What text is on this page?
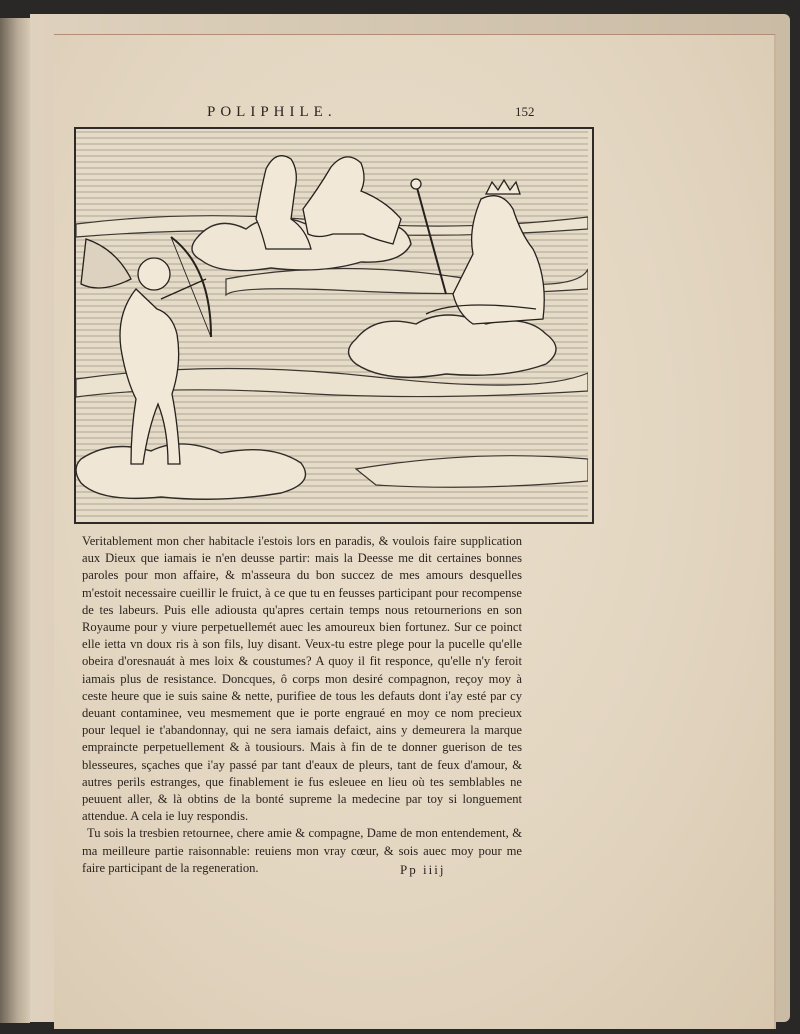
POLIPHILE.	152

Veritablement mon cher habitacle i'estois lors en paradis, & voulois faire supplication aux Dieux que iamais ie n'en deusse partir: mais la Deesse me dit certaines bonnes paroles pour mon affaire, & m'asseura du bon succez de mes amours desquelles m'estoit necessaire cueillir le fruict, à ce que tu en feusses participant pour recompense de tes labeurs. Puis elle adiousta qu'apres certain temps nous retournerions en son Royaume pour y viure perpetuellemét auec les amoureux bien fortunez. Sur ce poinct elle ietta vn doux ris à son fils, luy disant. Veux-tu estre plege pour la pucelle qu'elle obeira d'oresnauát à mes loix & coustumes? A quoy il fit responce, qu'elle n'y feroit iamais plus de resistance. Doncques, ô corps mon desiré compagnon, reçoy moy à ceste heure que ie suis saine & nette, purifiee de tous les defauts dont i'ay esté par cy deuant contaminee, veu mesmement que ie porte engraué en moy ce nom precieux pour lequel ie t'abandonnay, qui ne sera iamais defaict, ains y demeurera la marque empraincte perpetuellement & à tousiours. Mais à fin de te donner guerison de tes blesseures, sçaches que i'ay passé par tant d'eaux de pleurs, tant de feux d'amour, & autres perils estranges, que finablement ie fus esleuee en lieu où tes semblables ne peuuent aller, & là obtins de la bonté supreme la medecine par toy si longuement attendue. A cela ie luy respondis.

Tu sois la tresbien retournee, chere amie & compagne, Dame de mon entendement, & ma meilleure partie raisonnable: reuiens mon vray cœur, & sois auec moy pour me faire participant de la regeneration.	Pp iiij
